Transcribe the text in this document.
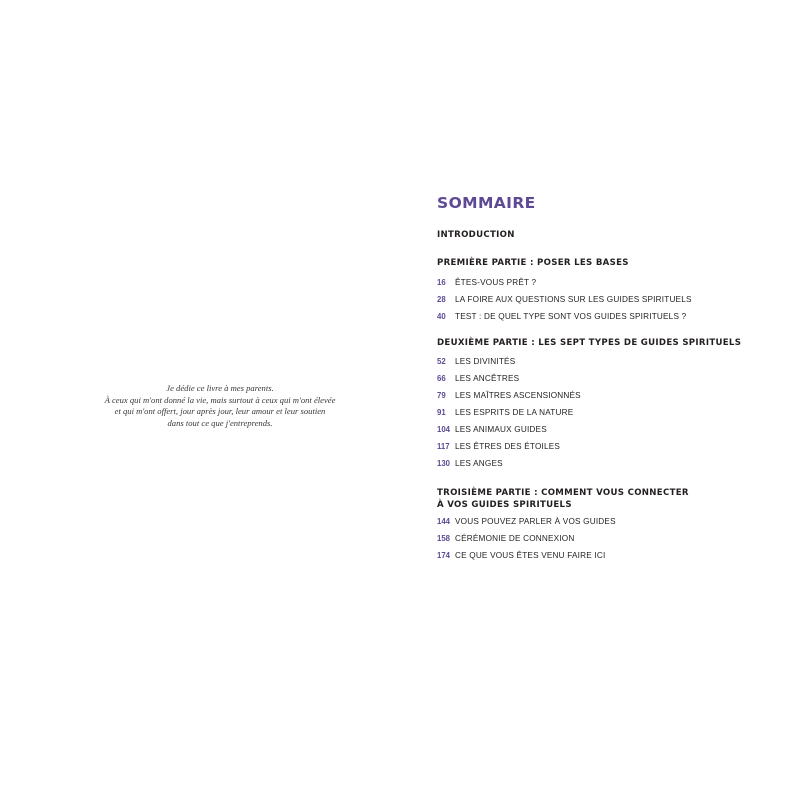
Je dédie ce livre à mes parents.
À ceux qui m'ont donné la vie, mais surtout à ceux qui m'ont élevée
et qui m'ont offert, jour après jour, leur amour et leur soutien
dans tout ce que j'entreprends.
SOMMAIRE
INTRODUCTION
PREMIÈRE PARTIE : POSER LES BASES
16 ÊTES-VOUS PRÊT ?
28 LA FOIRE AUX QUESTIONS SUR LES GUIDES SPIRITUELS
40 TEST : DE QUEL TYPE SONT VOS GUIDES SPIRITUELS ?
DEUXIÈME PARTIE : LES SEPT TYPES DE GUIDES SPIRITUELS
52 LES DIVINITÉS
66 LES ANCÊTRES
79 LES MAÎTRES ASCENSIONNÉS
91 LES ESPRITS DE LA NATURE
104 LES ANIMAUX GUIDES
117 LES ÊTRES DES ÉTOILES
130 LES ANGES
TROISIÈME PARTIE : COMMENT VOUS CONNECTER
À VOS GUIDES SPIRITUELS
144 VOUS POUVEZ PARLER À VOS GUIDES
158 CÉRÉMONIE DE CONNEXION
174 CE QUE VOUS ÊTES VENU FAIRE ICI
